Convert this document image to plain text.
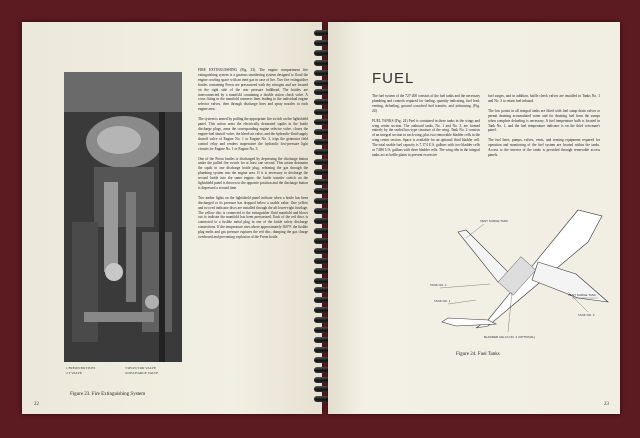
1 FREON BOTTLES	3 SELECTOR VALVE 2 T VALVE	4 DISCHARGE VALVE
Figure 23. Fire Extinguishing System
22

FIRE EXTINGUISHING (Fig. 23). The engine compartment fire extinguishing system is a gaseous smothering system designed to flood the engine cowling space with an inert gas in case of fire. Two fire extinguisher bottles containing Freon are pressurized with dry nitrogen and are located on the right side of the rear pressure bulkhead. The bottles are interconnected by a manifold containing a double action check valve. A cross fitting in the manifold connects lines leading to the individual engine selector valves, then through discharge lines and spray nozzles to each engine area.

The system is armed by pulling the appropriate fire switch on the lightshield panel. This action arms the electrically detonated squibs in the bottle discharge plugs, arms the corresponding engine selector valve, closes the engine-fuel shutoff valve, the bleed-air valve, and the hydraulic-fluid supply shutoff valve of Engine No. 1 or Engine No. 3, trips the generator field control relay and renders inoperative the hydraulic low-pressure light circuits for Engine No. 1 or Engine No. 3.

One of the Freon bottles is discharged by depressing the discharge button under the pulled fire switch for at least one second. This action detonates the squib in one discharge bottle plug, releasing the gas through the plumbing system into the engine area. If it is necessary to discharge the second bottle into the same engine, the bottle transfer switch on the lightshield panel is thrown to the opposite position and the discharge button is depressed a second time.

Two amber lights on the lightshield panel indicate when a bottle has been discharged or its pressure has dropped below a usable value. One yellow and two red indicator discs are installed through the aft lower-right fuselage. The yellow disc is connected to the extinguisher fluid manifold and blows out to indicate the manifold has been pressurized. Each of the red discs is connected to a fusible metal plug in one of the bottle safety discharge connections. If the temperature rises above approximately 360°F. the fusible plug melts and gas pressure ruptures the red disc, dumping the gas charge overboard and preventing explosion of the Freon bottle.

FUEL

The fuel system of the 727-200 consists of the fuel tanks and the necessary plumbing and controls required for fueling, quantity indicating, fuel feed, venting, defueling, ground crossfeed fuel transfer, and jettisoning. (Fig. 24)

FUEL TANKS (Fig. 24) Fuel is contained in three tanks in the wings and wing center section. The outboard tanks, No. 1 and No. 3, are formed entirely by the sealed box-type structure of the wing. Tank No. 2 consists of an integral section in each wing, plus two removable bladder cells in the wing center section. Space is available for an optional third bladder cell. The total usable fuel capacity is 7,174 U.S. gallons with two bladder cells or 7,680 U.S. gallons with three bladder cells. The wing ribs in the integral tanks act as baffle plates to prevent excessive

fuel surges, and in addition, baffle check valves are installed in Tanks No. 1 and No. 3 to retain fuel inboard.

The low points in all integral tanks are fitted with fuel sump drain valves to permit draining accumulated water and for draining fuel from the sumps when complete defueling is necessary. A fuel temperature bulb is located in Tank No. 1, and the fuel temperature indicator is on the third crewman's panel.

The fuel lines, pumps, valves, vents, and sensing equipment required for operation and monitoring of the fuel system are located within the tanks. Access to the interior of the tanks is provided through removable access panels.

VENT SURGE TANK
TANK NO. 2
TANK NO. 1
VENT SURGE TANK
TANK NO. 3
BLADDER CELLS NO. 2 (OPTIONAL)
Figure 24. Fuel Tanks
23
